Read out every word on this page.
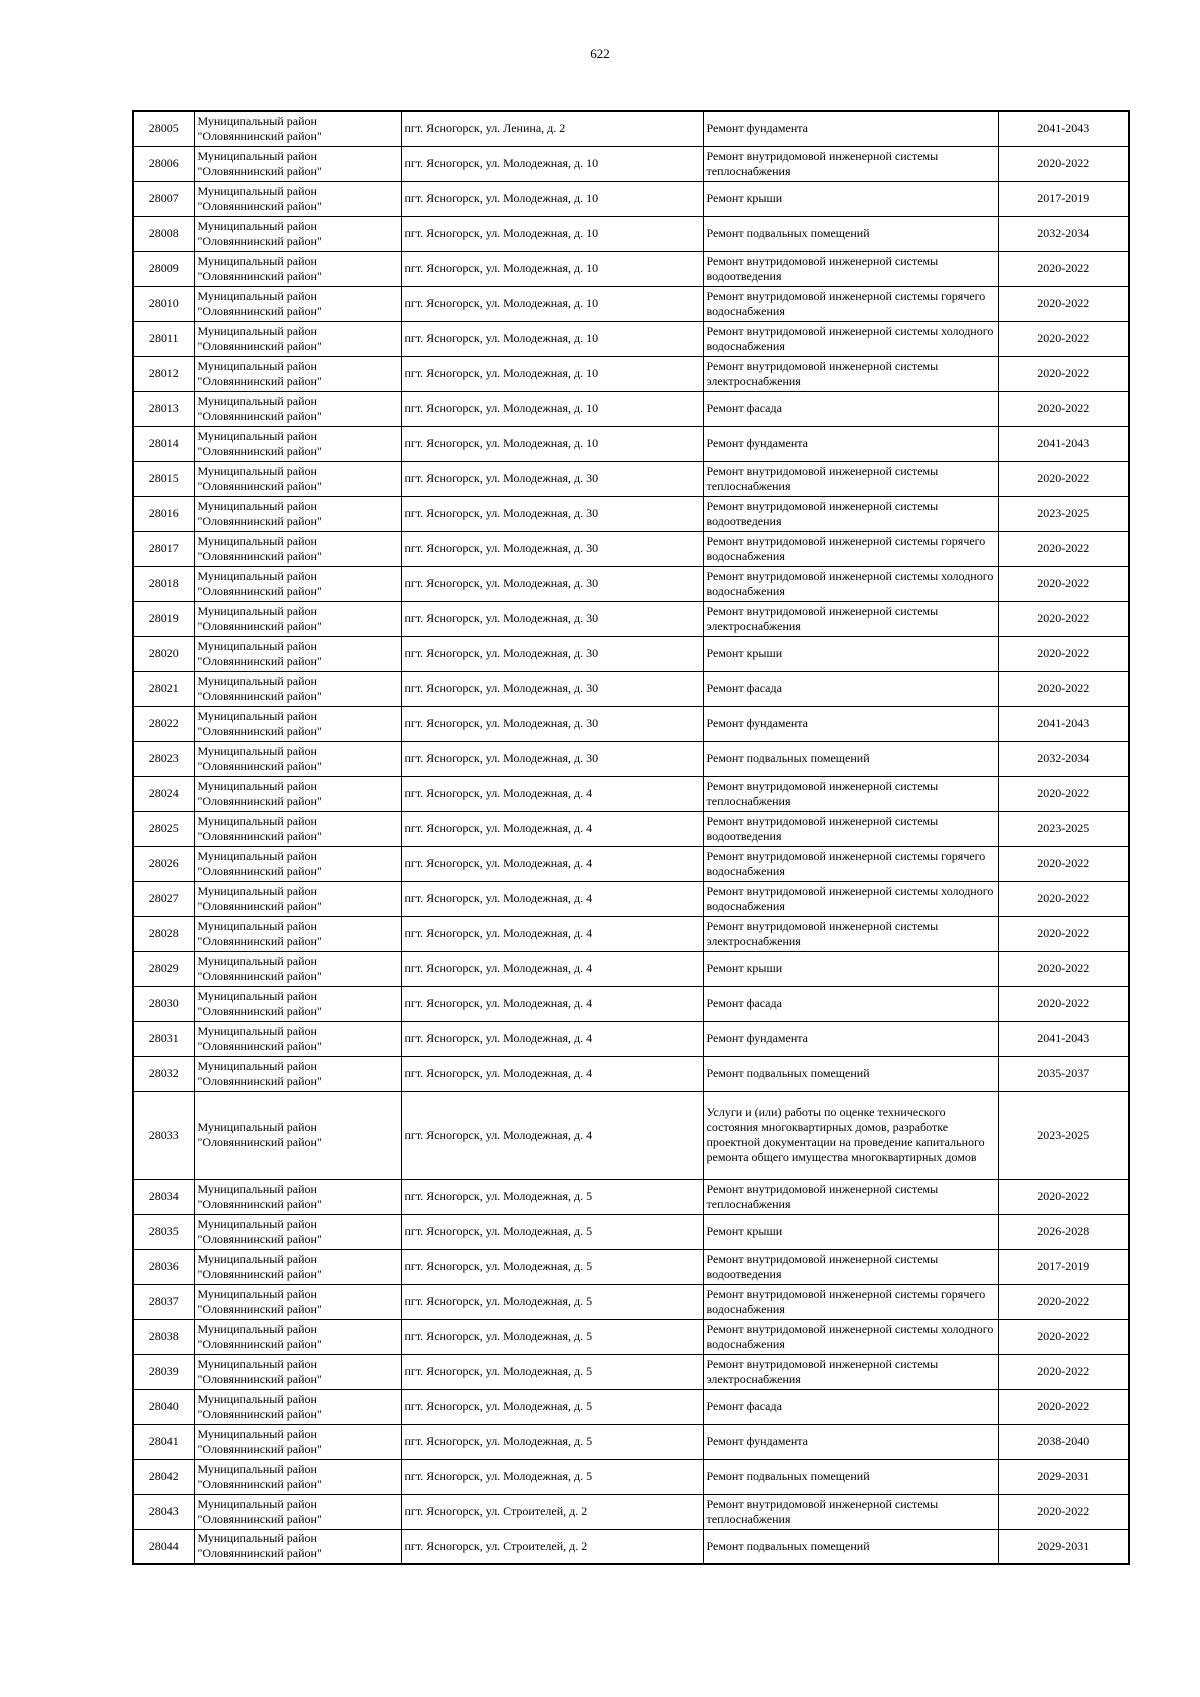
622
28005	Муниципальный район "Оловяннинский район"	пгт. Ясногорск, ул. Ленина, д. 2	Ремонт фундамента	2041-2043
28006	Муниципальный район "Оловяннинский район"	пгт. Ясногорск, ул. Молодежная, д. 10	Ремонт внутридомовой инженерной системы теплоснабжения	2020-2022
28007	Муниципальный район "Оловяннинский район"	пгт. Ясногорск, ул. Молодежная, д. 10	Ремонт крыши	2017-2019
28008	Муниципальный район "Оловяннинский район"	пгт. Ясногорск, ул. Молодежная, д. 10	Ремонт подвальных помещений	2032-2034
28009	Муниципальный район "Оловяннинский район"	пгт. Ясногорск, ул. Молодежная, д. 10	Ремонт внутридомовой инженерной системы водоотведения	2020-2022
28010	Муниципальный район "Оловяннинский район"	пгт. Ясногорск, ул. Молодежная, д. 10	Ремонт внутридомовой инженерной системы горячего водоснабжения	2020-2022
28011	Муниципальный район "Оловяннинский район"	пгт. Ясногорск, ул. Молодежная, д. 10	Ремонт внутридомовой инженерной системы холодного водоснабжения	2020-2022
28012	Муниципальный район "Оловяннинский район"	пгт. Ясногорск, ул. Молодежная, д. 10	Ремонт внутридомовой инженерной системы электроснабжения	2020-2022
28013	Муниципальный район "Оловяннинский район"	пгт. Ясногорск, ул. Молодежная, д. 10	Ремонт фасада	2020-2022
28014	Муниципальный район "Оловяннинский район"	пгт. Ясногорск, ул. Молодежная, д. 10	Ремонт фундамента	2041-2043
28015	Муниципальный район "Оловяннинский район"	пгт. Ясногорск, ул. Молодежная, д. 30	Ремонт внутридомовой инженерной системы теплоснабжения	2020-2022
28016	Муниципальный район "Оловяннинский район"	пгт. Ясногорск, ул. Молодежная, д. 30	Ремонт внутридомовой инженерной системы водоотведения	2023-2025
28017	Муниципальный район "Оловяннинский район"	пгт. Ясногорск, ул. Молодежная, д. 30	Ремонт внутридомовой инженерной системы горячего водоснабжения	2020-2022
28018	Муниципальный район "Оловяннинский район"	пгт. Ясногорск, ул. Молодежная, д. 30	Ремонт внутридомовой инженерной системы холодного водоснабжения	2020-2022
28019	Муниципальный район "Оловяннинский район"	пгт. Ясногорск, ул. Молодежная, д. 30	Ремонт внутридомовой инженерной системы электроснабжения	2020-2022
28020	Муниципальный район "Оловяннинский район"	пгт. Ясногорск, ул. Молодежная, д. 30	Ремонт крыши	2020-2022
28021	Муниципальный район "Оловяннинский район"	пгт. Ясногорск, ул. Молодежная, д. 30	Ремонт фасада	2020-2022
28022	Муниципальный район "Оловяннинский район"	пгт. Ясногорск, ул. Молодежная, д. 30	Ремонт фундамента	2041-2043
28023	Муниципальный район "Оловяннинский район"	пгт. Ясногорск, ул. Молодежная, д. 30	Ремонт подвальных помещений	2032-2034
28024	Муниципальный район "Оловяннинский район"	пгт. Ясногорск, ул. Молодежная, д. 4	Ремонт внутридомовой инженерной системы теплоснабжения	2020-2022
28025	Муниципальный район "Оловяннинский район"	пгт. Ясногорск, ул. Молодежная, д. 4	Ремонт внутридомовой инженерной системы водоотведения	2023-2025
28026	Муниципальный район "Оловяннинский район"	пгт. Ясногорск, ул. Молодежная, д. 4	Ремонт внутридомовой инженерной системы горячего водоснабжения	2020-2022
28027	Муниципальный район "Оловяннинский район"	пгт. Ясногорск, ул. Молодежная, д. 4	Ремонт внутридомовой инженерной системы холодного водоснабжения	2020-2022
28028	Муниципальный район "Оловяннинский район"	пгт. Ясногорск, ул. Молодежная, д. 4	Ремонт внутридомовой инженерной системы электроснабжения	2020-2022
28029	Муниципальный район "Оловяннинский район"	пгт. Ясногорск, ул. Молодежная, д. 4	Ремонт крыши	2020-2022
28030	Муниципальный район "Оловяннинский район"	пгт. Ясногорск, ул. Молодежная, д. 4	Ремонт фасада	2020-2022
28031	Муниципальный район "Оловяннинский район"	пгт. Ясногорск, ул. Молодежная, д. 4	Ремонт фундамента	2041-2043
28032	Муниципальный район "Оловяннинский район"	пгт. Ясногорск, ул. Молодежная, д. 4	Ремонт подвальных помещений	2035-2037
28033	Муниципальный район "Оловяннинский район"	пгт. Ясногорск, ул. Молодежная, д. 4	Услуги и (или) работы по оценке технического состояния многоквартирных домов, разработке проектной документации на проведение капитального ремонта общего имущества многоквартирных домов	2023-2025
28034	Муниципальный район "Оловяннинский район"	пгт. Ясногорск, ул. Молодежная, д. 5	Ремонт внутридомовой инженерной системы теплоснабжения	2020-2022
28035	Муниципальный район "Оловяннинский район"	пгт. Ясногорск, ул. Молодежная, д. 5	Ремонт крыши	2026-2028
28036	Муниципальный район "Оловяннинский район"	пгт. Ясногорск, ул. Молодежная, д. 5	Ремонт внутридомовой инженерной системы водоотведения	2017-2019
28037	Муниципальный район "Оловяннинский район"	пгт. Ясногорск, ул. Молодежная, д. 5	Ремонт внутридомовой инженерной системы горячего водоснабжения	2020-2022
28038	Муниципальный район "Оловяннинский район"	пгт. Ясногорск, ул. Молодежная, д. 5	Ремонт внутридомовой инженерной системы холодного водоснабжения	2020-2022
28039	Муниципальный район "Оловяннинский район"	пгт. Ясногорск, ул. Молодежная, д. 5	Ремонт внутридомовой инженерной системы электроснабжения	2020-2022
28040	Муниципальный район "Оловяннинский район"	пгт. Ясногорск, ул. Молодежная, д. 5	Ремонт фасада	2020-2022
28041	Муниципальный район "Оловяннинский район"	пгт. Ясногорск, ул. Молодежная, д. 5	Ремонт фундамента	2038-2040
28042	Муниципальный район "Оловяннинский район"	пгт. Ясногорск, ул. Молодежная, д. 5	Ремонт подвальных помещений	2029-2031
28043	Муниципальный район "Оловяннинский район"	пгт. Ясногорск, ул. Строителей, д. 2	Ремонт внутридомовой инженерной системы теплоснабжения	2020-2022
28044	Муниципальный район "Оловяннинский район"	пгт. Ясногорск, ул. Строителей, д. 2	Ремонт подвальных помещений	2029-2031
